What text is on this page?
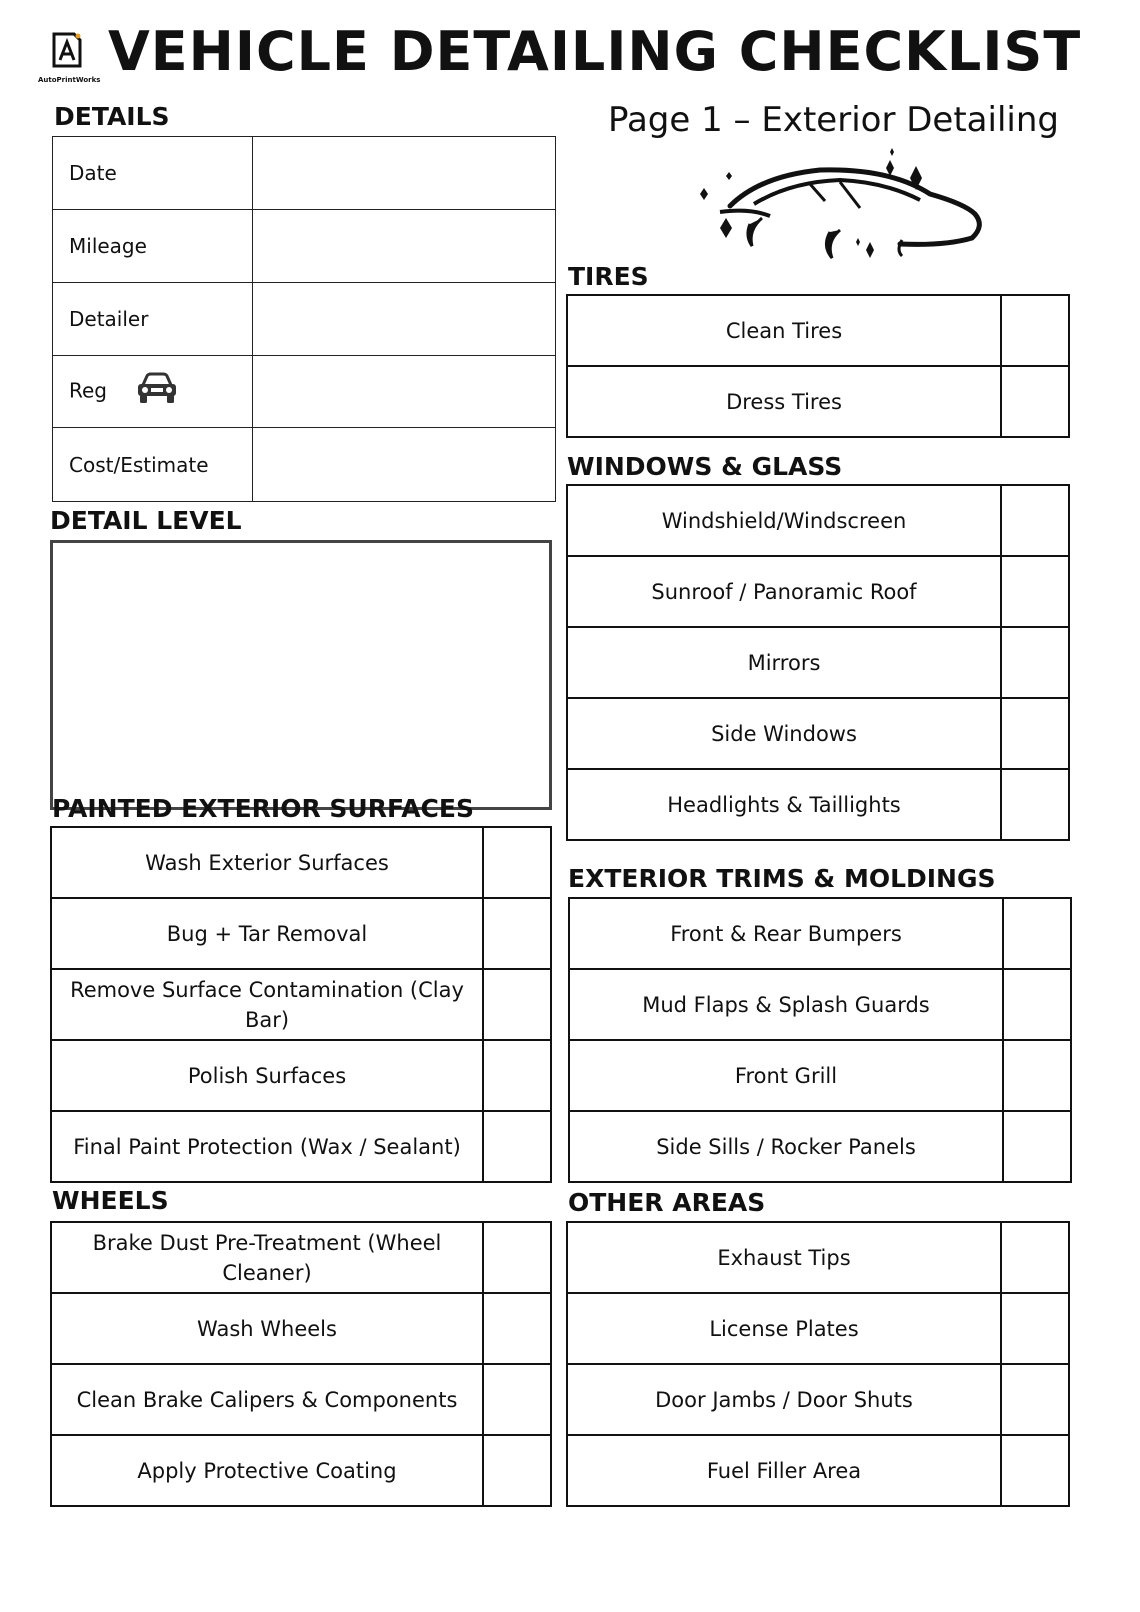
AutoPrintWorks VEHICLE DETAILING CHECKLIST
DETAILS	Page 1 – Exterior Detailing
Date	
Mileage	
Detailer	
Reg	
Cost/Estimate	
DETAIL LEVEL
TIRES
Clean Tires	
Dress Tires	
WINDOWS & GLASS
Windshield/Windscreen	
Sunroof / Panoramic Roof	
Mirrors	
Side Windows	
Headlights & Taillights	
PAINTED EXTERIOR SURFACES
Wash Exterior Surfaces	
Bug + Tar Removal	
Remove Surface Contamination (Clay Bar)	
Polish Surfaces	
Final Paint Protection (Wax / Sealant)	
EXTERIOR TRIMS & MOLDINGS
Front & Rear Bumpers	
Mud Flaps & Splash Guards	
Front Grill	
Side Sills / Rocker Panels	
WHEELS
Brake Dust Pre-Treatment (Wheel Cleaner)	
Wash Wheels	
Clean Brake Calipers & Components	
Apply Protective Coating	
OTHER AREAS
Exhaust Tips	
License Plates	
Door Jambs / Door Shuts	
Fuel Filler Area	
